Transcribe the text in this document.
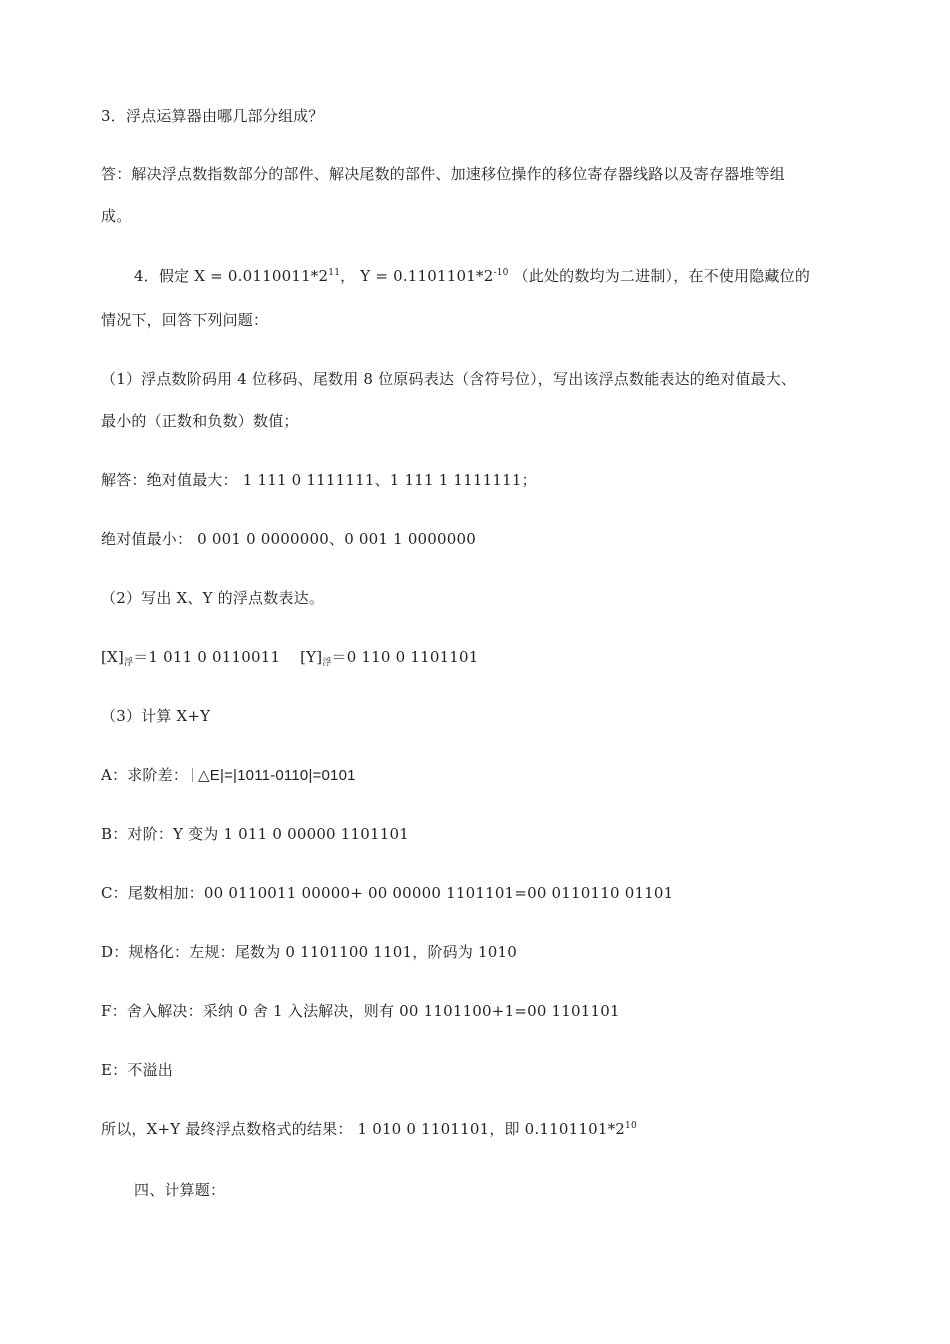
3．浮点运算器由哪几部分组成？
答：解决浮点数指数部分的部件、解决尾数的部件、加速移位操作的移位寄存器线路以及寄存器堆等组
成。
4．假定 $X = 0.0110011*2^{11}$， $Y = 0.1101101*2^{-10}$ （此处的数均为二进制），在不使用隐藏位的
情况下，回答下列问题：
（1）浮点数阶码用 4 位移码、尾数用 8 位原码表达（含符号位），写出该浮点数能表达的绝对值最大、
最小的（正数和负数）数值；
解答：绝对值最大： 1 111 0 1111111、1 111 1 1111111；
绝对值最小： 0 001 0 0000000、0 001 1 0000000
（2）写出 X、Y 的浮点数表达。
$[X]_浮=1$ 011 0 0110011    $[Y]_浮=0$ 110 0 1101101
（3）计算 X+Y
A：求阶差： △E|=|1011-0110|=0101
B：对阶：Y 变为 1 011 0 00000 1101101
C：尾数相加：00 0110011 00000+ 00 00000 1101101=00 0110110 01101
D：规格化：左规：尾数为 0 1101100 1101，阶码为 1010
F：舍入解决：采纳 0 舍 1 入法解决，则有 00 1101100+1=00 1101101
E：不溢出
所以，X+Y 最终浮点数格式的结果： 1 010 0 1101101，即 $0.1101101*2^{10}$
四、计算题：
